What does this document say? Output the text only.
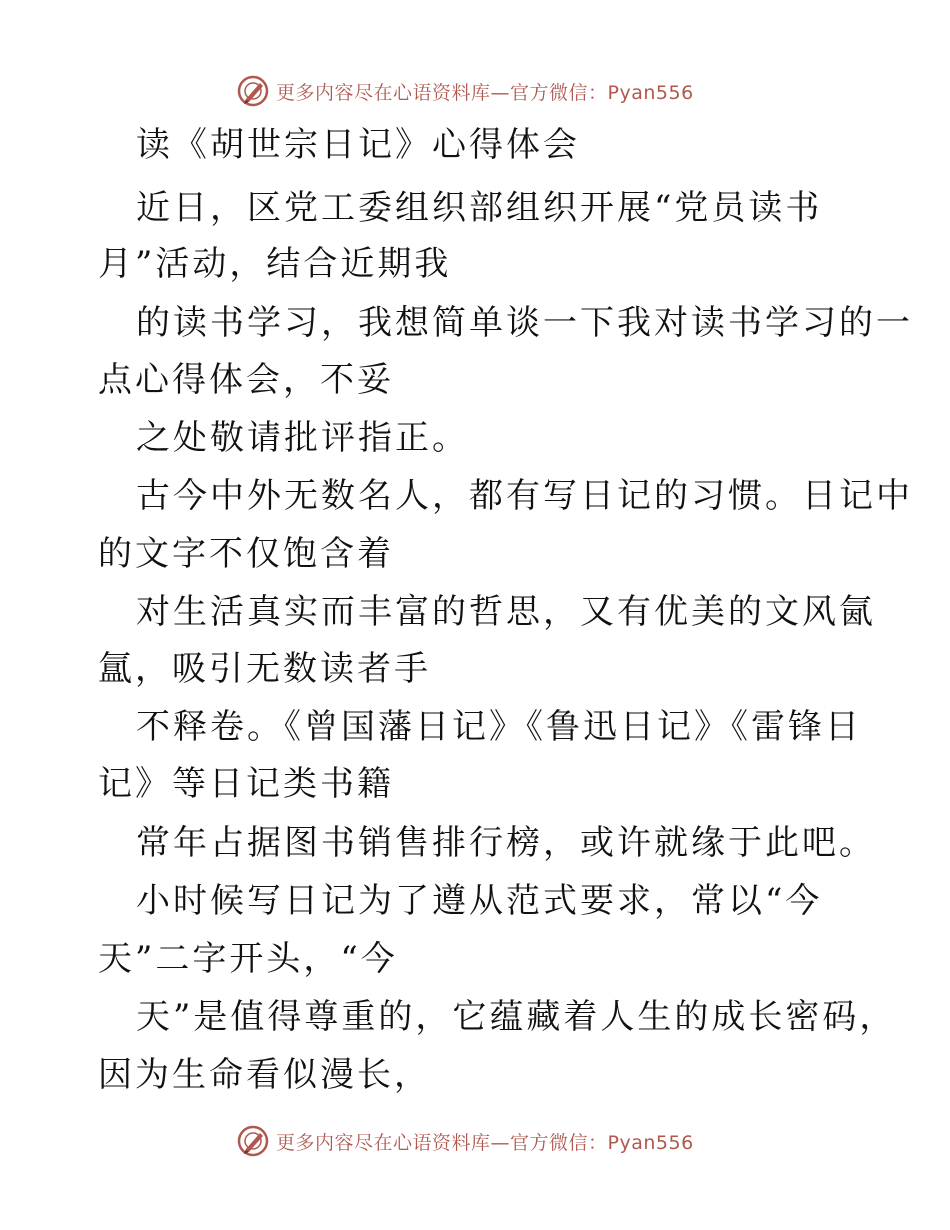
更多内容尽在心语资料库—官方微信：Pyan556
读《胡世宗日记》心得体会
近日，区党工委组织部组织开展“党员读书
月”活动，结合近期我
的读书学习，我想简单谈一下我对读书学习的一
点心得体会，不妥
之处敬请批评指正。
古今中外无数名人，都有写日记的习惯。日记中
的文字不仅饱含着
对生活真实而丰富的哲思，又有优美的文风氤
氲，吸引无数读者手
不释卷。《曾国藩日记》《鲁迅日记》《雷锋日
记》等日记类书籍
常年占据图书销售排行榜，或许就缘于此吧。
小时候写日记为了遵从范式要求，常以“今
天”二字开头，“今
天”是值得尊重的，它蕴藏着人生的成长密码，
因为生命看似漫长，
更多内容尽在心语资料库—官方微信：Pyan556
